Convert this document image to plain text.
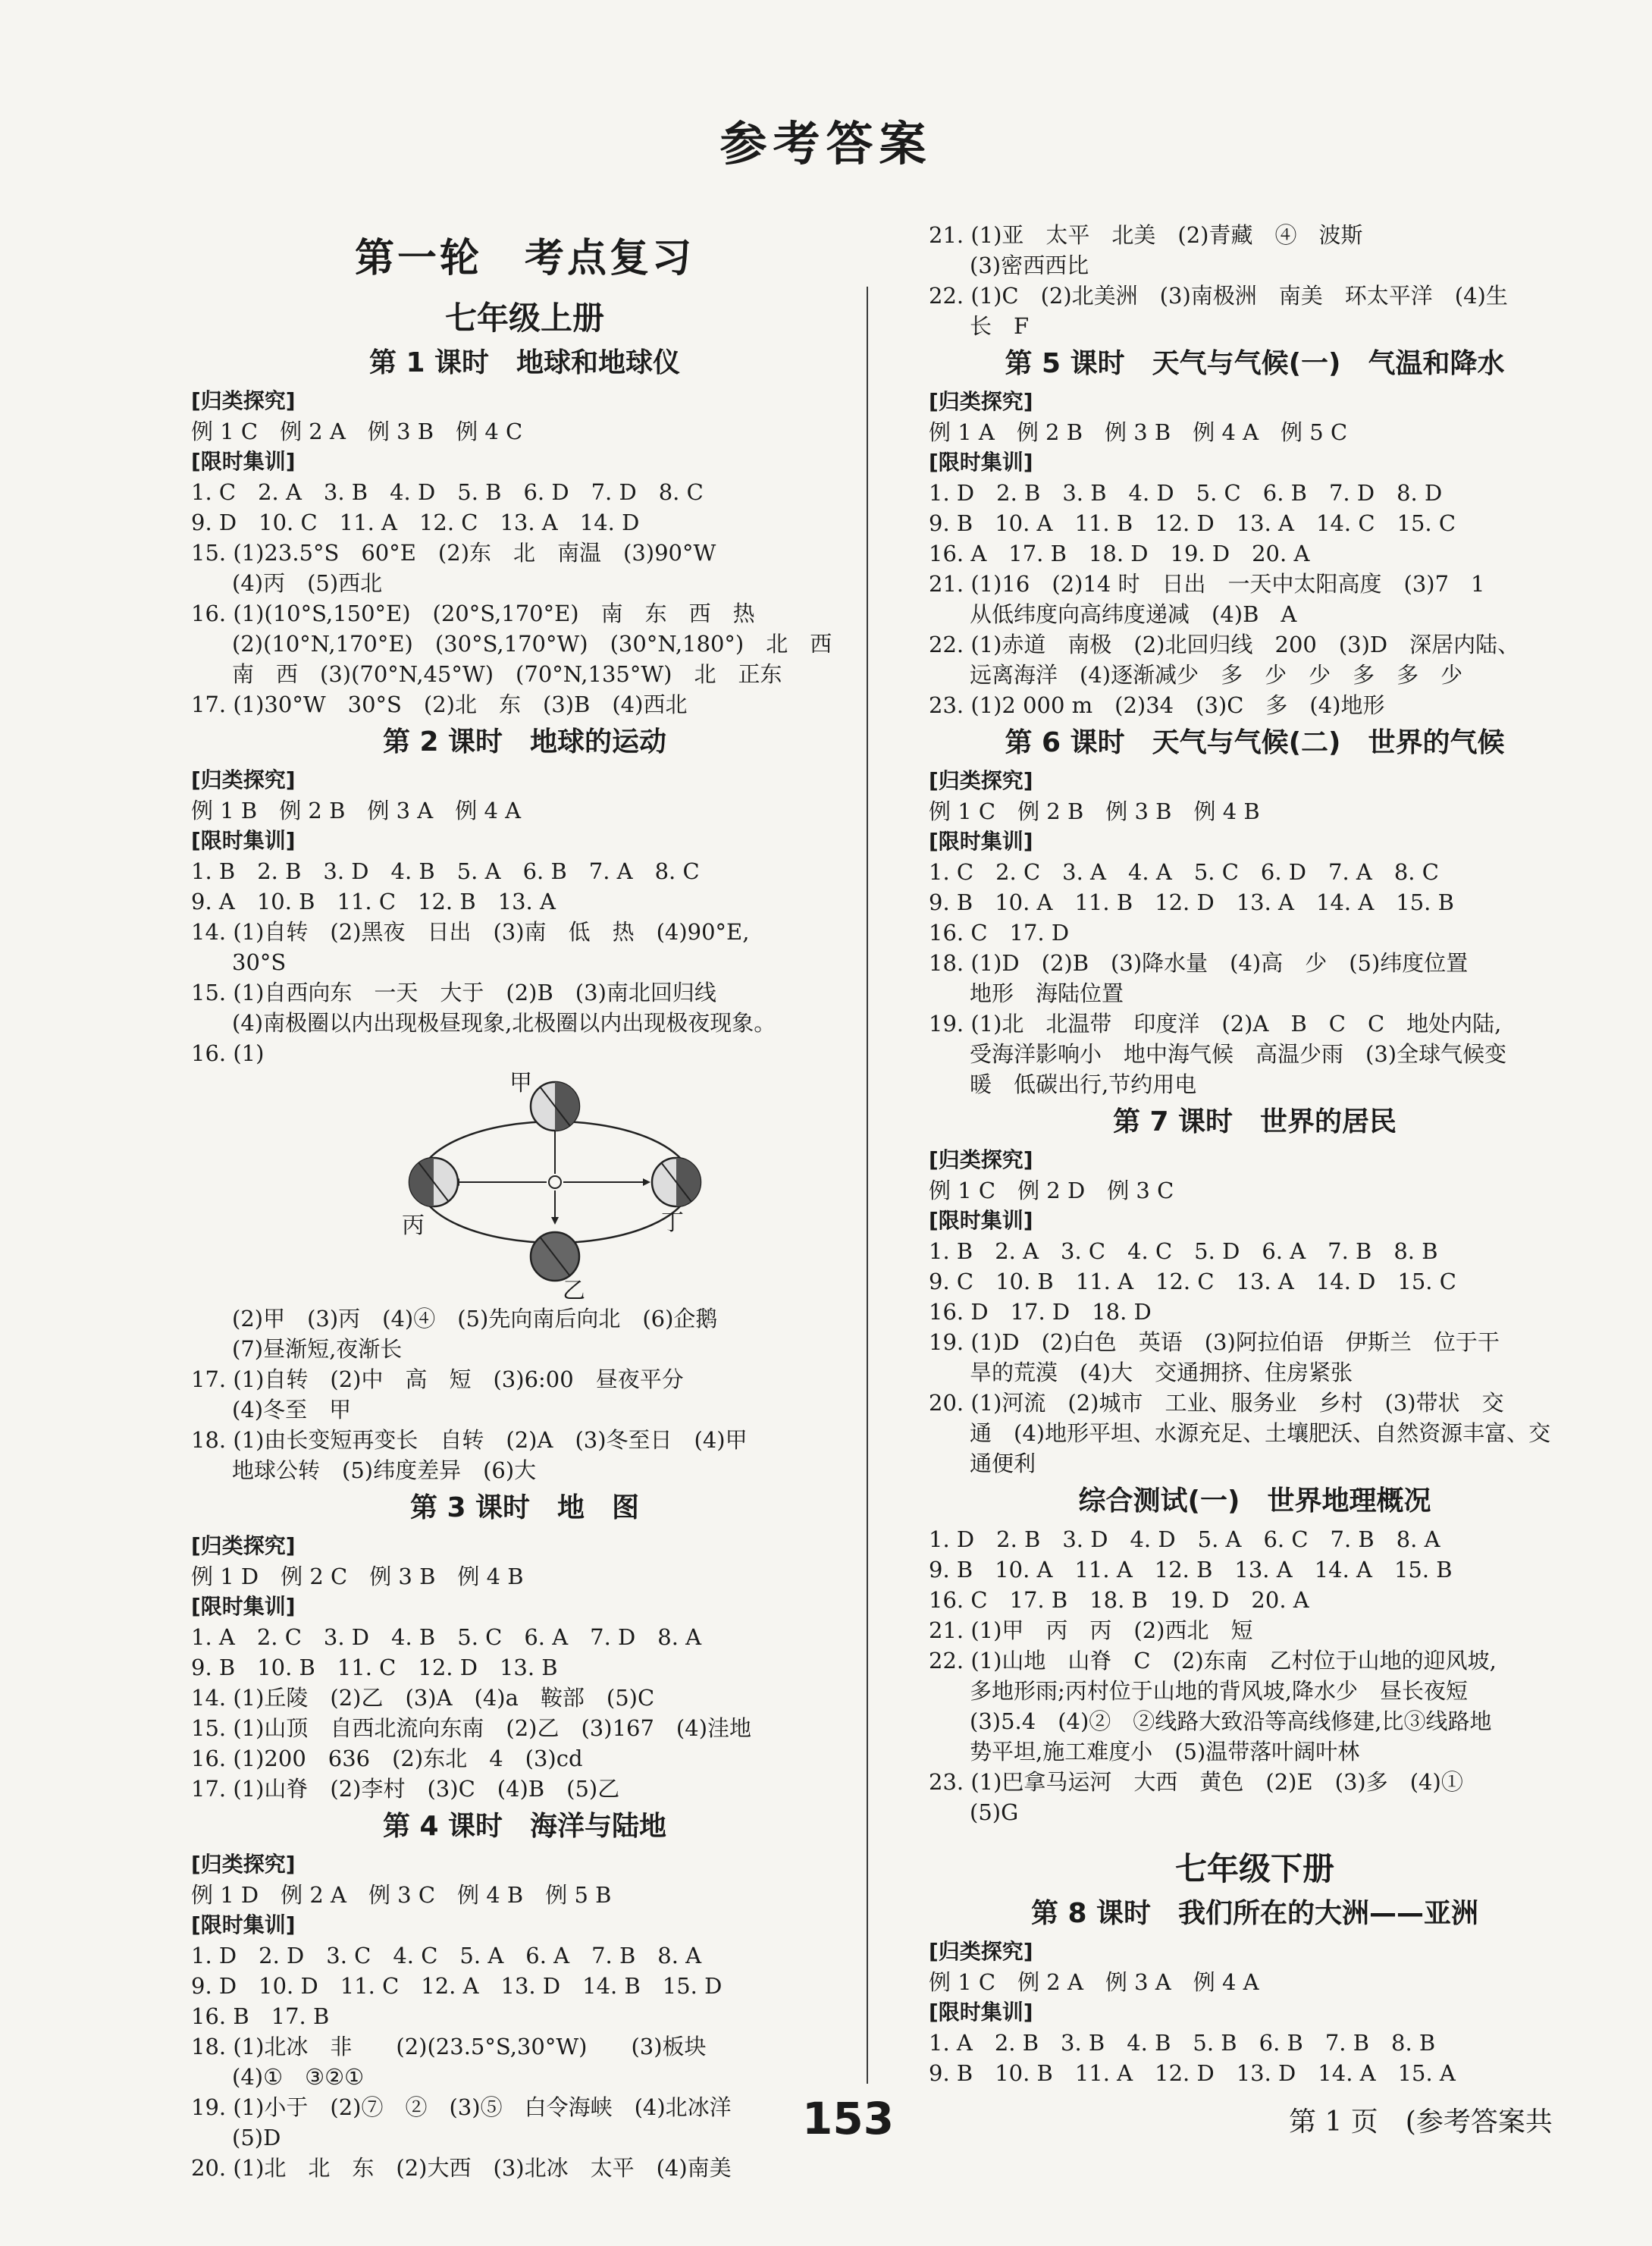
参考答案
第一轮　考点复习
七年级上册
第 1 课时　地球和地球仪
[归类探究]
例 1 C　例 2 A　例 3 B　例 4 C
[限时集训]
1. C　2. A　3. B　4. D　5. B　6. D　7. D　8. C
9. D　10. C　11. A　12. C　13. A　14. D
15. (1)23.5°S　60°E　(2)东　北　南温　(3)90°W
(4)丙　(5)西北
16. (1)(10°S,150°E)　(20°S,170°E)　南　东　西　热
(2)(10°N,170°E)　(30°S,170°W)　(30°N,180°)　北　西
南　西　(3)(70°N,45°W)　(70°N,135°W)　北　正东
17. (1)30°W　30°S　(2)北　东　(3)B　(4)西北
第 2 课时　地球的运动
[归类探究]
例 1 B　例 2 B　例 3 A　例 4 A
[限时集训]
1. B　2. B　3. D　4. B　5. A　6. B　7. A　8. C
9. A　10. B　11. C　12. B　13. A
14. (1)自转　(2)黑夜　日出　(3)南　低　热　(4)90°E,
30°S
15. (1)自西向东　一天　大于　(2)B　(3)南北回归线
(4)南极圈以内出现极昼现象,北极圈以内出现极夜现象。
16. (1)
甲
乙
丙	丁
(2)甲　(3)丙　(4)④　(5)先向南后向北　(6)企鹅
(7)昼渐短,夜渐长
17. (1)自转　(2)中　高　短　(3)6:00　昼夜平分
(4)冬至　甲
18. (1)由长变短再变长　自转　(2)A　(3)冬至日　(4)甲
地球公转　(5)纬度差异　(6)大
第 3 课时　地　图
[归类探究]
例 1 D　例 2 C　例 3 B　例 4 B
[限时集训]
1. A　2. C　3. D　4. B　5. C　6. A　7. D　8. A
9. B　10. B　11. C　12. D　13. B
14. (1)丘陵　(2)乙　(3)A　(4)a　鞍部　(5)C
15. (1)山顶　自西北流向东南　(2)乙　(3)167　(4)洼地
16. (1)200　636　(2)东北　4　(3)cd
17. (1)山脊　(2)李村　(3)C　(4)B　(5)乙
第 4 课时　海洋与陆地
[归类探究]
例 1 D　例 2 A　例 3 C　例 4 B　例 5 B
[限时集训]
1. D　2. D　3. C　4. C　5. A　6. A　7. B　8. A
9. D　10. D　11. C　12. A　13. D　14. B　15. D
16. B　17. B
18. (1)北冰　非　　(2)(23.5°S,30°W)　　(3)板块
(4)①　③②①
19. (1)小于　(2)⑦　②　(3)⑤　白令海峡　(4)北冰洋
(5)D
20. (1)北　北　东　(2)大西　(3)北冰　太平　(4)南美
21. (1)亚　太平　北美　(2)青藏　④　波斯
(3)密西西比
22. (1)C　(2)北美洲　(3)南极洲　南美　环太平洋　(4)生
长　F
第 5 课时　天气与气候(一)　气温和降水
[归类探究]
例 1 A　例 2 B　例 3 B　例 4 A　例 5 C
[限时集训]
1. D　2. B　3. B　4. D　5. C　6. B　7. D　8. D
9. B　10. A　11. B　12. D　13. A　14. C　15. C
16. A　17. B　18. D　19. D　20. A
21. (1)16　(2)14 时　日出　一天中太阳高度　(3)7　1
从低纬度向高纬度递减　(4)B　A
22. (1)赤道　南极　(2)北回归线　200　(3)D　深居内陆、
远离海洋　(4)逐渐减少　多　少　少　多　多　少
23. (1)2 000 m　(2)34　(3)C　多　(4)地形
第 6 课时　天气与气候(二)　世界的气候
[归类探究]
例 1 C　例 2 B　例 3 B　例 4 B
[限时集训]
1. C　2. C　3. A　4. A　5. C　6. D　7. A　8. C
9. B　10. A　11. B　12. D　13. A　14. A　15. B
16. C　17. D
18. (1)D　(2)B　(3)降水量　(4)高　少　(5)纬度位置
地形　海陆位置
19. (1)北　北温带　印度洋　(2)A　B　C　C　地处内陆,
受海洋影响小　地中海气候　高温少雨　(3)全球气候变
暖　低碳出行,节约用电
第 7 课时　世界的居民
[归类探究]
例 1 C　例 2 D　例 3 C
[限时集训]
1. B　2. A　3. C　4. C　5. D　6. A　7. B　8. B
9. C　10. B　11. A　12. C　13. A　14. D　15. C
16. D　17. D　18. D
19. (1)D　(2)白色　英语　(3)阿拉伯语　伊斯兰　位于干
旱的荒漠　(4)大　交通拥挤、住房紧张
20. (1)河流　(2)城市　工业、服务业　乡村　(3)带状　交
通　(4)地形平坦、水源充足、土壤肥沃、自然资源丰富、交
通便利
综合测试(一)　世界地理概况
1. D　2. B　3. D　4. D　5. A　6. C　7. B　8. A
9. B　10. A　11. A　12. B　13. A　14. A　15. B
16. C　17. B　18. B　19. D　20. A
21. (1)甲　丙　丙　(2)西北　短
22. (1)山地　山脊　C　(2)东南　乙村位于山地的迎风坡,
多地形雨;丙村位于山地的背风坡,降水少　昼长夜短
(3)5.4　(4)②　②线路大致沿等高线修建,比③线路地
势平坦,施工难度小　(5)温带落叶阔叶林
23. (1)巴拿马运河　大西　黄色　(2)E　(3)多　(4)①
(5)G
七年级下册
第 8 课时　我们所在的大洲——亚洲
[归类探究]
例 1 C　例 2 A　例 3 A　例 4 A
[限时集训]
1. A　2. B　3. B　4. B　5. B　6. B　7. B　8. B
9. B　10. B　11. A　12. D　13. D　14. A　15. A
153	第 1 页　(参考答案共
